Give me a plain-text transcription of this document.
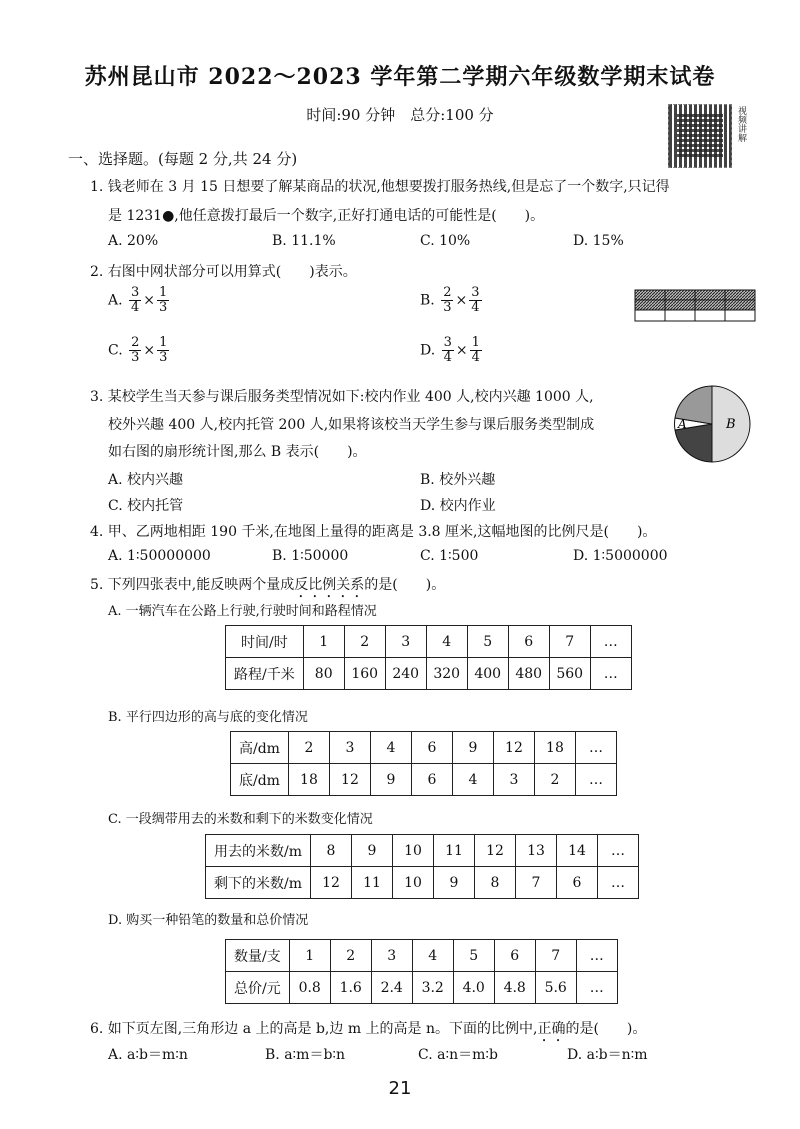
苏州昆山市 2022～2023 学年第二学期六年级数学期末试卷
时间:90 分钟　总分:100 分	视频讲解
一、选择题。(每题 2 分,共 24 分)
1. 钱老师在 3 月 15 日想要了解某商品的状况,他想要拨打服务热线,但是忘了一个数字,只记得
是 1231●,他任意拨打最后一个数字,正好打通电话的可能性是(　　)。
A. 20%	B. 11.1%	C. 10%	D. 15%
2. 右图中网状部分可以用算式(　　)表示。
A. $\frac{3}{4} \times \frac{1}{3}$	B. $\frac{2}{3} \times \frac{3}{4}$
C. $\frac{2}{3} \times \frac{1}{3}$	D. $\frac{3}{4} \times \frac{1}{4}$
3. 某校学生当天参与课后服务类型情况如下:校内作业 400 人,校内兴趣 1000 人,
校外兴趣 400 人,校内托管 200 人,如果将该校当天学生参与课后服务类型制成
如右图的扇形统计图,那么 B 表示(　　)。
A. 校内兴趣	B. 校外兴趣
C. 校内托管	D. 校内作业
A	B
4. 甲、乙两地相距 190 千米,在地图上量得的距离是 3.8 厘米,这幅地图的比例尺是(　　)。
A. 1∶50000000	B. 1∶50000	C. 1∶500	D. 1∶5000000
5. 下列四张表中,能反映两个量成反比例关系的是(　　)。
A. 一辆汽车在公路上行驶,行驶时间和路程情况
时间/时	1	2	3	4	5	6	7	…
路程/千米	80	160	240	320	400	480	560	…
B. 平行四边形的高与底的变化情况
高/dm	2	3	4	6	9	12	18	…
底/dm	18	12	9	6	4	3	2	…
C. 一段绸带用去的米数和剩下的米数变化情况
用去的米数/m	8	9	10	11	12	13	14	…
剩下的米数/m	12	11	10	9	8	7	6	…
D. 购买一种铅笔的数量和总价情况
数量/支	1	2	3	4	5	6	7	…
总价/元	0.8	1.6	2.4	3.2	4.0	4.8	5.6	…
6. 如下页左图,三角形边 a 上的高是 b,边 m 上的高是 n。下面的比例中,正确的是(　　)。
A. a∶b＝m∶n	B. a∶m＝b∶n	C. a∶n＝m∶b	D. a∶b＝n∶m
21
